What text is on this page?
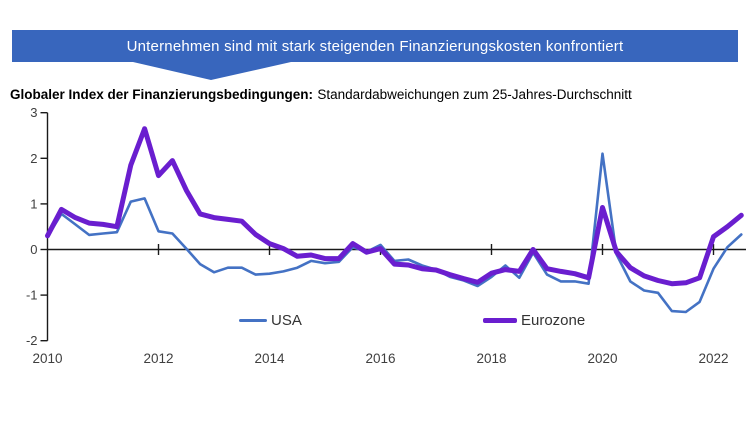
Unternehmen sind mit stark steigenden Finanzierungskosten konfrontiert
Globaler Index der Finanzierungsbedingungen: Standardabweichungen zum 25-Jahres-Durchschnitt
3
2
1
0
-1
-2
2010	2012	2014	2016	2018	2020	2022
USA	Eurozone
